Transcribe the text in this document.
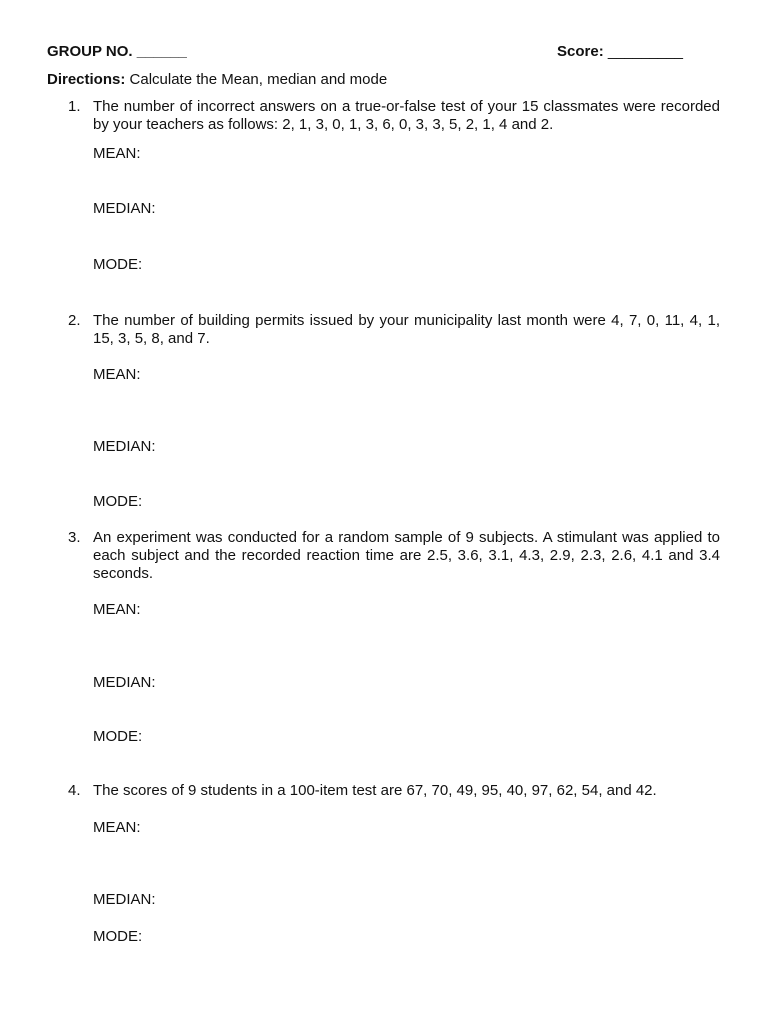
GROUP NO. ______	Score: _________
Directions: Calculate the Mean, median and mode
1. The number of incorrect answers on a true-or-false test of your 15 classmates were recorded by your teachers as follows: 2, 1, 3, 0, 1, 3, 6, 0, 3, 3, 5, 2, 1, 4 and 2.
MEAN:
MEDIAN:
MODE:
2. The number of building permits issued by your municipality last month were 4, 7, 0, 11, 4, 1, 15, 3, 5, 8, and 7.
MEAN:
MEDIAN:
MODE:
3. An experiment was conducted for a random sample of 9 subjects. A stimulant was applied to each subject and the recorded reaction time are 2.5, 3.6, 3.1, 4.3, 2.9, 2.3, 2.6, 4.1 and 3.4 seconds.
MEAN:
MEDIAN:
MODE:
4. The scores of 9 students in a 100-item test are 67, 70, 49, 95, 40, 97, 62, 54, and 42.
MEAN:
MEDIAN:
MODE:
